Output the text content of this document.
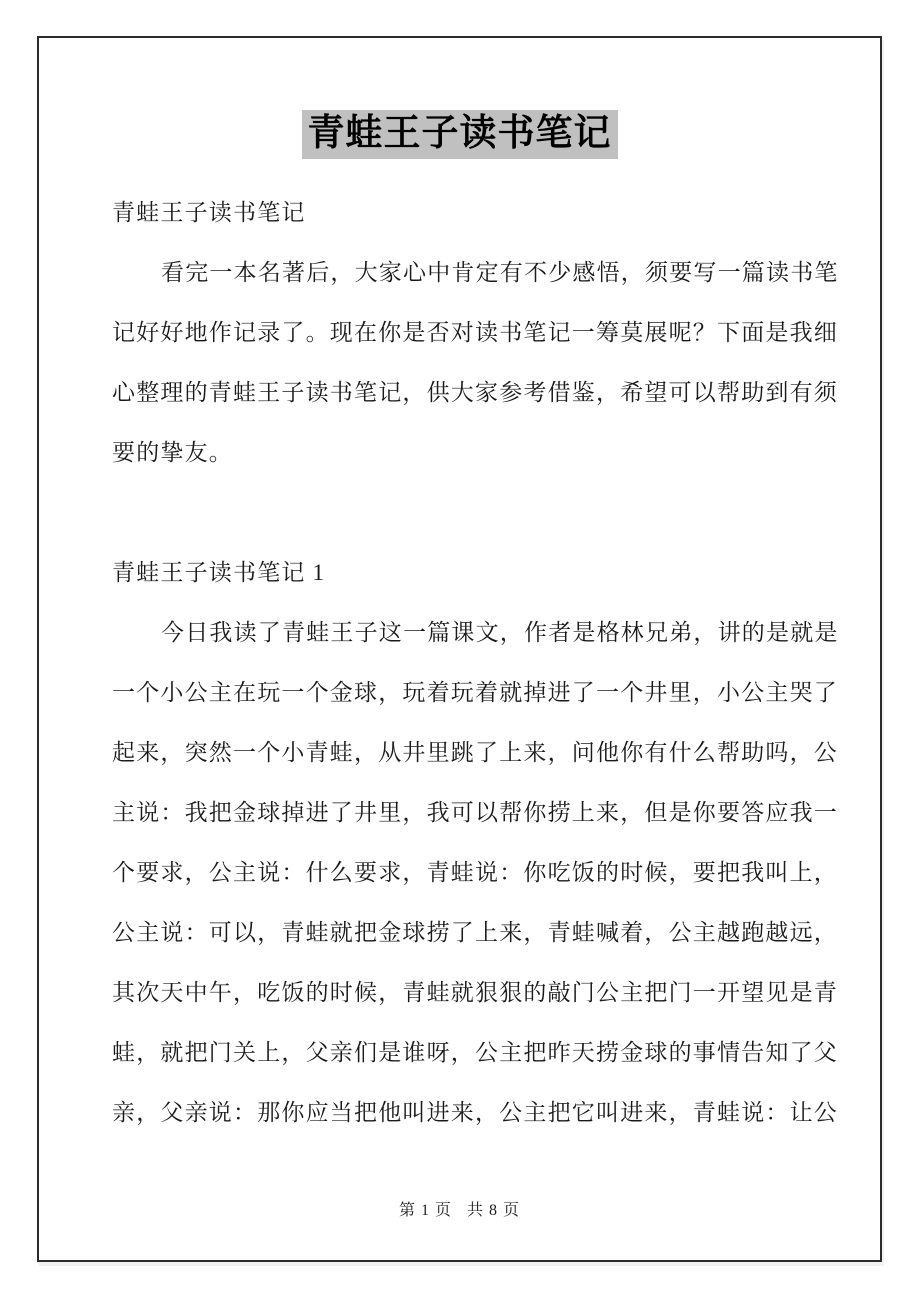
青蛙王子读书笔记
青蛙王子读书笔记
看完一本名著后，大家心中肯定有不少感悟，须要写一篇读书笔
记好好地作记录了。现在你是否对读书笔记一筹莫展呢？下面是我细
心整理的青蛙王子读书笔记，供大家参考借鉴，希望可以帮助到有须
要的挚友。
青蛙王子读书笔记 1
今日我读了青蛙王子这一篇课文，作者是格林兄弟，讲的是就是
一个小公主在玩一个金球，玩着玩着就掉进了一个井里，小公主哭了
起来，突然一个小青蛙，从井里跳了上来，问他你有什么帮助吗，公
主说：我把金球掉进了井里，我可以帮你捞上来，但是你要答应我一
个要求，公主说：什么要求，青蛙说：你吃饭的时候，要把我叫上，
公主说：可以，青蛙就把金球捞了上来，青蛙喊着，公主越跑越远，
其次天中午，吃饭的时候，青蛙就狠狠的敲门公主把门一开望见是青
蛙，就把门关上，父亲们是谁呀，公主把昨天捞金球的事情告知了父
亲，父亲说：那你应当把他叫进来，公主把它叫进来，青蛙说：让公
第 1 页 共 8 页
